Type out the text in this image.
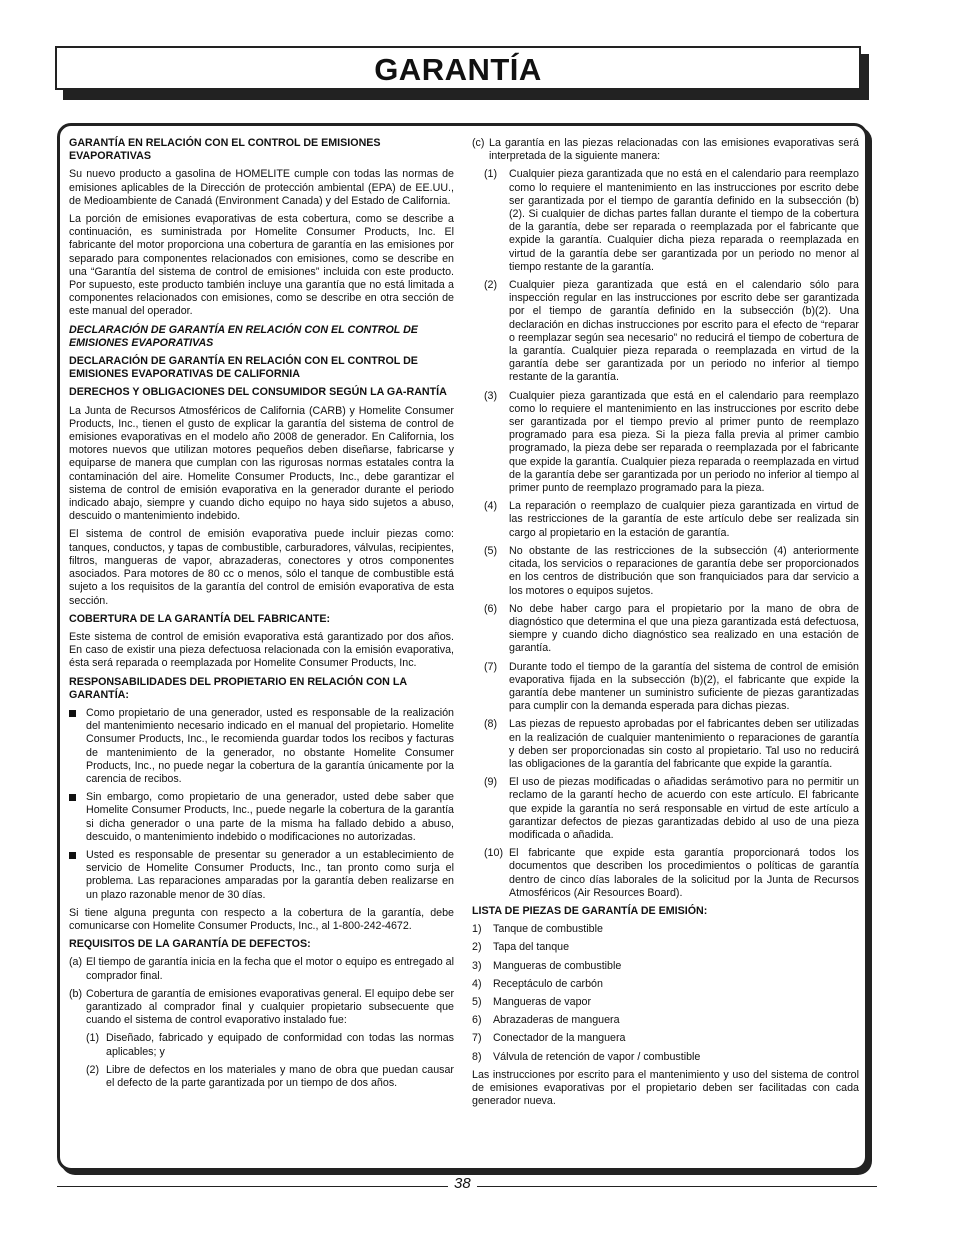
GARANTÍA
GARANTÍA EN RELACIÓN CON EL CONTROL DE EMISIONES EVAPORATIVAS

Su nuevo producto a gasolina de HOMELITE cumple con todas las normas de emisiones aplicables de la Dirección de protección ambiental (EPA) de EE.UU., de Medioambiente de Canadá (Environment Canada) y del Estado de California.

La porción de emisiones evaporativas de esta cobertura, como se describe a continuación, es suministrada por Homelite Consumer Products, Inc. El fabricante del motor proporciona una cobertura de garantía en las emisiones por separado para componentes relacionados con emisiones, como se describe en una “Garantía del sistema de control de emisiones” incluida con este producto. Por supuesto, este producto también incluye una garantía que no está limitada a componentes relacionados con emisiones, como se describe en otra sección de este manual del operador.

DECLARACIÓN DE GARANTÍA EN RELACIÓN CON EL CONTROL DE EMISIONES EVAPORATIVAS
DECLARACIÓN DE GARANTÍA EN RELACIÓN CON EL CONTROL DE EMISIONES EVAPORATIVAS DE CALIFORNIA
DERECHOS Y OBLIGACIONES DEL CONSUMIDOR SEGÚN LA GA-RANTÍA

La Junta de Recursos Atmosféricos de California (CARB) y Homelite Consumer Products, Inc., tienen el gusto de explicar la garantía del sistema de control de emisiones evaporativas en el modelo año 2008 de generador. En California, los motores nuevos que utilizan motores pequeños deben diseñarse, fabricarse y equiparse de manera que cumplan con las rigurosas normas estatales contra la contaminación del aire. Homelite Consumer Products, Inc., debe garantizar el sistema de control de emisión evaporativa en la generador durante el periodo indicado abajo, siempre y cuando dicho equipo no haya sido sujetos a abuso, descuido o mantenimiento indebido.

El sistema de control de emisión evaporativa puede incluir piezas como: tanques, conductos, y tapas de combustible, carburadores, válvulas, recipientes, filtros, mangueras de vapor, abrazaderas, conectores y otros componentes asociados. Para motores de 80 cc o menos, sólo el tanque de combustible está sujeto a los requisitos de la garantía del control de emisión evaporativa de esta sección.

COBERTURA DE LA GARANTÍA DEL FABRICANTE:

Este sistema de control de emisión evaporativa está garantizado por dos años. En caso de existir una pieza defectuosa relacionada con la emisión evaporativa, ésta será reparada o reemplazada por Homelite Consumer Products, Inc.

RESPONSABILIDADES DEL PROPIETARIO EN RELACIÓN CON LA GARANTÍA:
Como propietario de una generador, usted es responsable de la realización del mantenimiento necesario indicado en el manual del propietario. Homelite Consumer Products, Inc., le recomienda guardar todos los recibos y facturas de mantenimiento de la generador, no obstante Homelite Consumer Products, Inc., no puede negar la cobertura de la garantía únicamente por la carencia de recibos.
Sin embargo, como propietario de una generador, usted debe saber que Homelite Consumer Products, Inc., puede negarle la cobertura de la garantía si dicha generador o una parte de la misma ha fallado debido a abuso, descuido, o mantenimiento indebido o modificaciones no autorizadas.
Usted es responsable de presentar su generador a un establecimiento de servicio de Homelite Consumer Products, Inc., tan pronto como surja el problema. Las reparaciones amparadas por la garantía deben realizarse en un plazo razonable menor de 30 días.

Si tiene alguna pregunta con respecto a la cobertura de la garantía, debe comunicarse con Homelite Consumer Products, Inc., al 1-800-242-4672.

REQUISITOS DE LA GARANTÍA DE DEFECTOS:
(a) El tiempo de garantía inicia en la fecha que el motor o equipo es entregado al comprador final.
(b) Cobertura de garantía de emisiones evaporativas general. El equipo debe ser garantizado al comprador final y cualquier propietario subsecuente que cuando el sistema de control evaporativo instalado fue:
(1) Diseñado, fabricado y equipado de conformidad con todas las normas aplicables; y
(2) Libre de defectos en los materiales y mano de obra que puedan causar el defecto de la parte garantizada por un tiempo de dos años.
(c) La garantía en las piezas relacionadas con las emisiones evaporativas será interpretada de la siguiente manera:
(1) Cualquier pieza garantizada que no está en el calendario para reemplazo como lo requiere el mantenimiento en las instrucciones por escrito debe ser garantizada por el tiempo de garantía definido en la subsección (b)(2). Si cualquier de dichas partes fallan durante el tiempo de la cobertura de la garantía, debe ser reparada o reemplazada por el fabricante que expide la garantía. Cualquier dicha pieza reparada o reemplazada en virtud de la garantía debe ser garantizada por un periodo no menor al tiempo restante de la garantía.
(2) Cualquier pieza garantizada que está en el calendario sólo para inspección regular en las instrucciones por escrito debe ser garantizada por el tiempo de garantía definido en la subsección (b)(2). Una declaración en dichas instrucciones por escrito para el efecto de “reparar o reemplazar según sea necesario” no reducirá el tiempo de cobertura de la garantía. Cualquier pieza reparada o reemplazada en virtud de la garantía debe ser garantizada por un periodo no inferior al tiempo restante de la garantía.
(3) Cualquier pieza garantizada que está en el calendario para reemplazo como lo requiere el mantenimiento en las instrucciones por escrito debe ser garantizada por el tiempo previo al primer punto de reemplazo programado para esa pieza. Si la pieza falla previa al primer cambio programado, la pieza debe ser reparada o reemplazada por el fabricante que expide la garantía. Cualquier pieza reparada o reemplazada en virtud de la garantía debe ser garantizada por un periodo no inferior al tiempo al primer punto de reemplazo programado para la pieza.
(4) La reparación o reemplazo de cualquier pieza garantizada en virtud de las restricciones de la garantía de este artículo debe ser realizada sin cargo al propietario en la estación de garantía.
(5) No obstante de las restricciones de la subsección (4) anteriormente citada, los servicios o reparaciones de garantía debe ser proporcionados en los centros de distribución que son franquiciados para dar servicio a los motores o equipos sujetos.
(6) No debe haber cargo para el propietario por la mano de obra de diagnóstico que determina el que una pieza garantizada está defectuosa, siempre y cuando dicho diagnóstico sea realizado en una estación de garantía.
(7) Durante todo el tiempo de la garantía del sistema de control de emisión evaporativa fijada en la subsección (b)(2), el fabricante que expide la garantía debe mantener un suministro suficiente de piezas garantizadas para cumplir con la demanda esperada para dichas piezas.
(8) Las piezas de repuesto aprobadas por el fabricantes deben ser utilizadas en la realización de cualquier mantenimiento o reparaciones de garantía y deben ser proporcionadas sin costo al propietario. Tal uso no reducirá las obligaciones de la garantía del fabricante que expide la garantía.
(9) El uso de piezas modificadas o añadidas serámotivo para no permitir un reclamo de la garantí hecho de acuerdo con este artículo. El fabricante que expide la garantía no será responsable en virtud de este artículo a garantizar defectos de piezas garantizadas debido al uso de una pieza modificada o añadida.
(10) El fabricante que expide esta garantía proporcionará todos los documentos que describen los procedimientos o políticas de garantía dentro de cinco días laborales de la solicitud por la Junta de Recursos Atmosféricos (Air Resources Board).
LISTA DE PIEZAS DE GARANTÍA DE EMISIÓN:
1) Tanque de combustible
2) Tapa del tanque
3) Mangueras de combustible
4) Receptáculo de carbón
5) Mangueras de vapor
6) Abrazaderas de manguera
7) Conectador de la manguera
8) Válvula de retención de vapor / combustible

Las instrucciones por escrito para el mantenimiento y uso del sistema de control de emisiones evaporativas por el propietario deben ser facilitadas con cada generador nueva.

38
